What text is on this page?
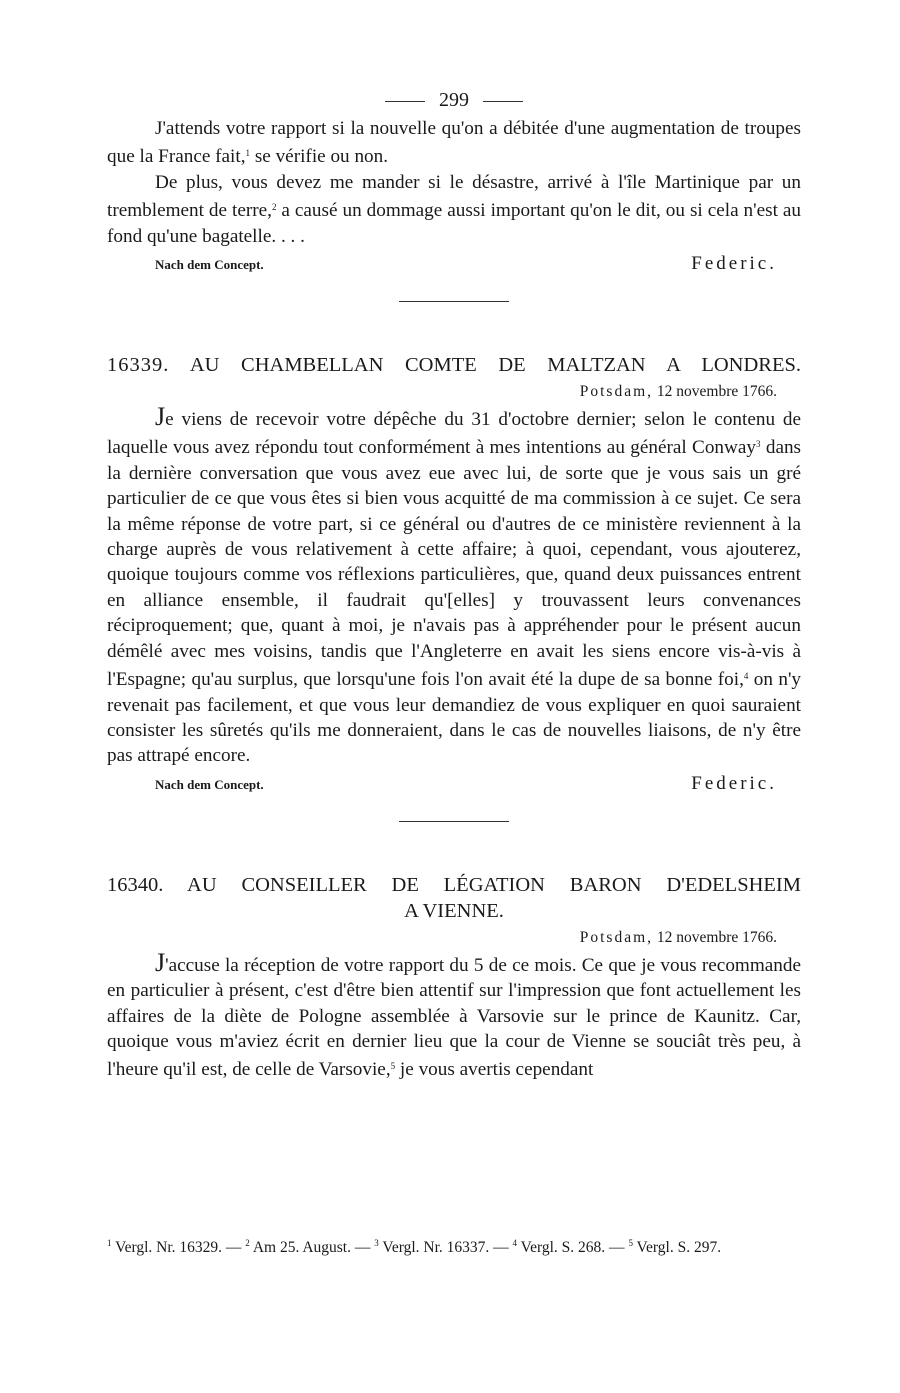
299

J'attends votre rapport si la nouvelle qu'on a débitée d'une augmentation de troupes que la France fait,$^1$ se vérifie ou non.

De plus, vous devez me mander si le désastre, arrivé à l'île Martinique par un tremblement de terre,$^2$ a causé un dommage aussi important qu'on le dit, ou si cela n'est au fond qu'une bagatelle. . . .

Nach dem Concept.	Federic.
16339. AU CHAMBELLAN COMTE DE MALTZAN A LONDRES.
Potsdam, 12 novembre 1766.

Je viens de recevoir votre dépêche du 31 d'octobre dernier; selon le contenu de laquelle vous avez répondu tout conformément à mes intentions au général Conway$^3$ dans la dernière conversation que vous avez eue avec lui, de sorte que je vous sais un gré particulier de ce que vous êtes si bien vous acquitté de ma commission à ce sujet. Ce sera la même réponse de votre part, si ce général ou d'autres de ce ministère reviennent à la charge auprès de vous relativement à cette affaire; à quoi, cependant, vous ajouterez, quoique toujours comme vos réflexions particulières, que, quand deux puissances entrent en alliance ensemble, il faudrait qu'[elles] y trouvassent leurs convenances réciproquement; que, quant à moi, je n'avais pas à appréhender pour le présent aucun démêlé avec mes voisins, tandis que l'Angleterre en avait les siens encore vis-à-vis à l'Espagne; qu'au surplus, que lorsqu'une fois l'on avait été la dupe de sa bonne foi,$^4$ on n'y revenait pas facilement, et que vous leur demandiez de vous expliquer en quoi sauraient consister les sûretés qu'ils me donneraient, dans le cas de nouvelles liaisons, de n'y être pas attrapé encore.

Nach dem Concept.	Federic.
16340. AU CONSEILLER DE LÉGATION BARON D'EDELSHEIM
A VIENNE.
Potsdam, 12 novembre 1766.

J'accuse la réception de votre rapport du 5 de ce mois. Ce que je vous recommande en particulier à présent, c'est d'être bien attentif sur l'impression que font actuellement les affaires de la diète de Pologne assemblée à Varsovie sur le prince de Kaunitz. Car, quoique vous m'aviez écrit en dernier lieu que la cour de Vienne se souciât très peu, à l'heure qu'il est, de celle de Varsovie,$^5$ je vous avertis cependant

$^1$ Vergl. Nr. 16329. — $^2$ Am 25. August. — $^3$ Vergl. Nr. 16337. — $^4$ Vergl. S. 268. — $^5$ Vergl. S. 297.
